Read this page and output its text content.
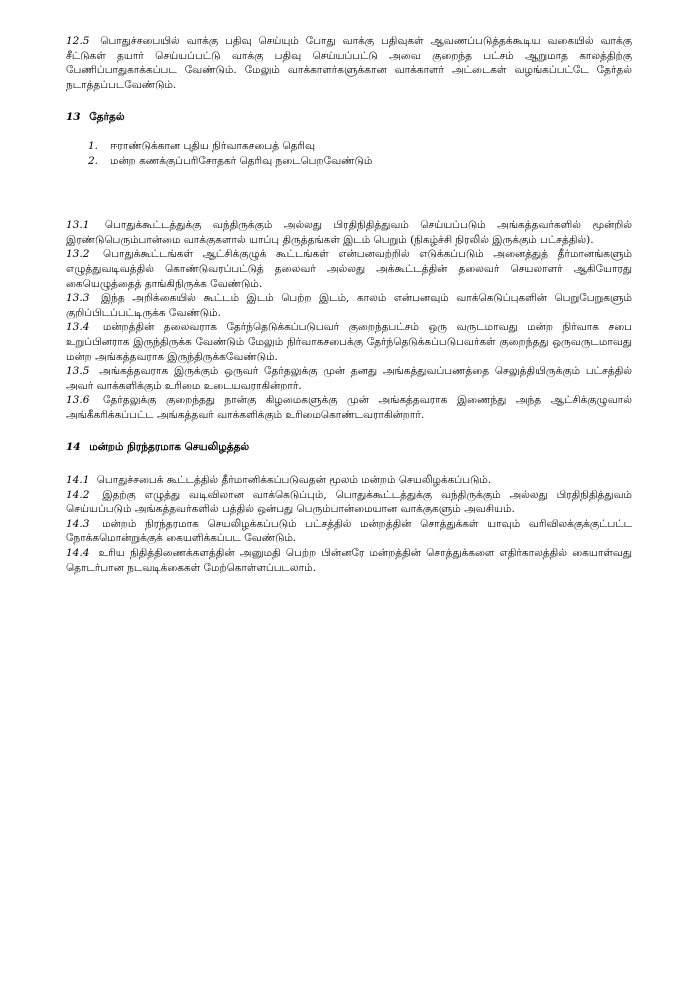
12.5 பொதுச்சபையில் வாக்கு பதிவு செய்யும் போது வாக்கு பதிவுகள் ஆவணப்படுத்தக்கூடிய வகையில் வாக்கு சீட்டுகள் தயார் செய்யப்பட்டு வாக்கு பதிவு செய்யப்பட்டு அவை குறைந்த பட்சம் ஆறுமாத காலத்திற்கு பேணிப்பாதுகாக்கப்பட வேண்டும். மேலும் வாக்காளர்களுக்கான வாக்காளர் அட்டைகள் வழங்கப்பட்டே தேர்தல் நடாத்தப்படவேண்டும்.

13 தேர்தல்

1.	ஈராண்டுக்கான புதிய நிர்வாகசபைத் தெரிவு
2.	மன்ற கணக்குப்பரிசோதகர் தெரிவு நடைபெறவேண்டும்

13.1 பொதுக்கூட்டத்துக்கு வந்திருக்கும் அல்லது பிரதிநிதித்துவம் செய்யப்படும் அங்கத்தவர்களில் மூன்றில் இரண்டுபெரும்பான்மை வாக்குகளால் யாப்பு திருத்தங்கள் இடம் பெறும் (நிகழ்ச்சி நிரலில் இருக்கும் பட்சத்தில்).

13.2 பொதுக்கூட்டங்கள் ஆட்சிக்குழுக் கூட்டங்கள் என்பனவற்றில் எடுக்கப்படும் அனைத்துத் தீர்மானங்களும் எழுத்துவடிவத்தில் கொண்டுவரப்பட்டுத் தலைவர் அல்லது அக்கூட்டத்தின் தலைவர் செயலாளர் ஆகியோரது கையெழுத்தைத் தாங்கிநிருக்க வேண்டும்.

13.3 இந்த அறிக்கையில் கூட்டம் இடம் பெற்ற இடம், காலம் என்பனவும் வாக்கெடுப்புகளின் பெறுபேறுகளும் குறிப்பிடப்பட்டிருக்க வேண்டும்.

13.4 மன்றத்தின் தலைவராக தேர்ந்தெடுக்கப்படுபவர் குறைந்தபட்சம் ஒரு வருடமாவது மன்ற நிர்வாக சபை உறுப்பினராக இருந்திருக்க வேண்டும் மேலும் நிர்வாகசபைக்கு தேர்ந்தெடுக்கப்படுபவர்கள் குறைந்தது ஒருவருடமாவது மன்ற அங்கத்தவராக இருந்திருக்கவேண்டும்.

13.5 அங்கத்தவராக இருக்கும் ஒருவர் தேர்தலுக்கு முன் தனது அங்கத்துவப்பணத்தை செலுத்தியிருக்கும் பட்சத்தில் அவர் வாக்களிக்கும் உரிமை உடையவராகின்றார்.

13.6 தேர்தலுக்கு குறைந்தது நான்கு கிழமைகளுக்கு முன் அங்கத்தவராக இணைந்து அந்த ஆட்சிக்குழுவால் அங்கீகரிக்கப்பட்ட அங்கத்தவர் வாக்களிக்கும் உரிமைகொண்டவராகின்றார்.

14 மன்றம் நிரந்தரமாக செயலிழத்தல்

14.1 பொதுச்சபைக் கூட்டத்தில் தீர்மானிக்கப்படுவதன் மூலம் மன்றம் செயலிழக்கப்படும்.

14.2 இதற்கு எழுத்து வடிவிலான வாக்கெடுப்பும், பொதுக்கூட்டத்துக்கு வந்திருக்கும் அல்லது பிரதிநிதித்துவம் செய்யப்படும் அங்கத்தவர்களில் பத்தில் ஒன்பது பெரும்பான்மையான வாக்குகளும் அவசியம்.

14.3 மன்றம் நிரந்தரமாக செயலிழக்கப்படும் பட்சத்தில் மன்றத்தின் சொத்துக்கள் யாவும் வரிவிலக்குக்குட்பட்ட நோக்கமொன்றுக்குக் கையளிக்கப்பட வேண்டும்.

14.4 உரிய நிதித்திணைக்களத்தின் அனுமதி பெற்ற பின்னரே மன்றத்தின் சொத்துக்களை எதிர்காலத்தில் கையாள்வது தொடர்பான நடவடிக்கைகள் மேற்கொள்ளப்படலாம்.
